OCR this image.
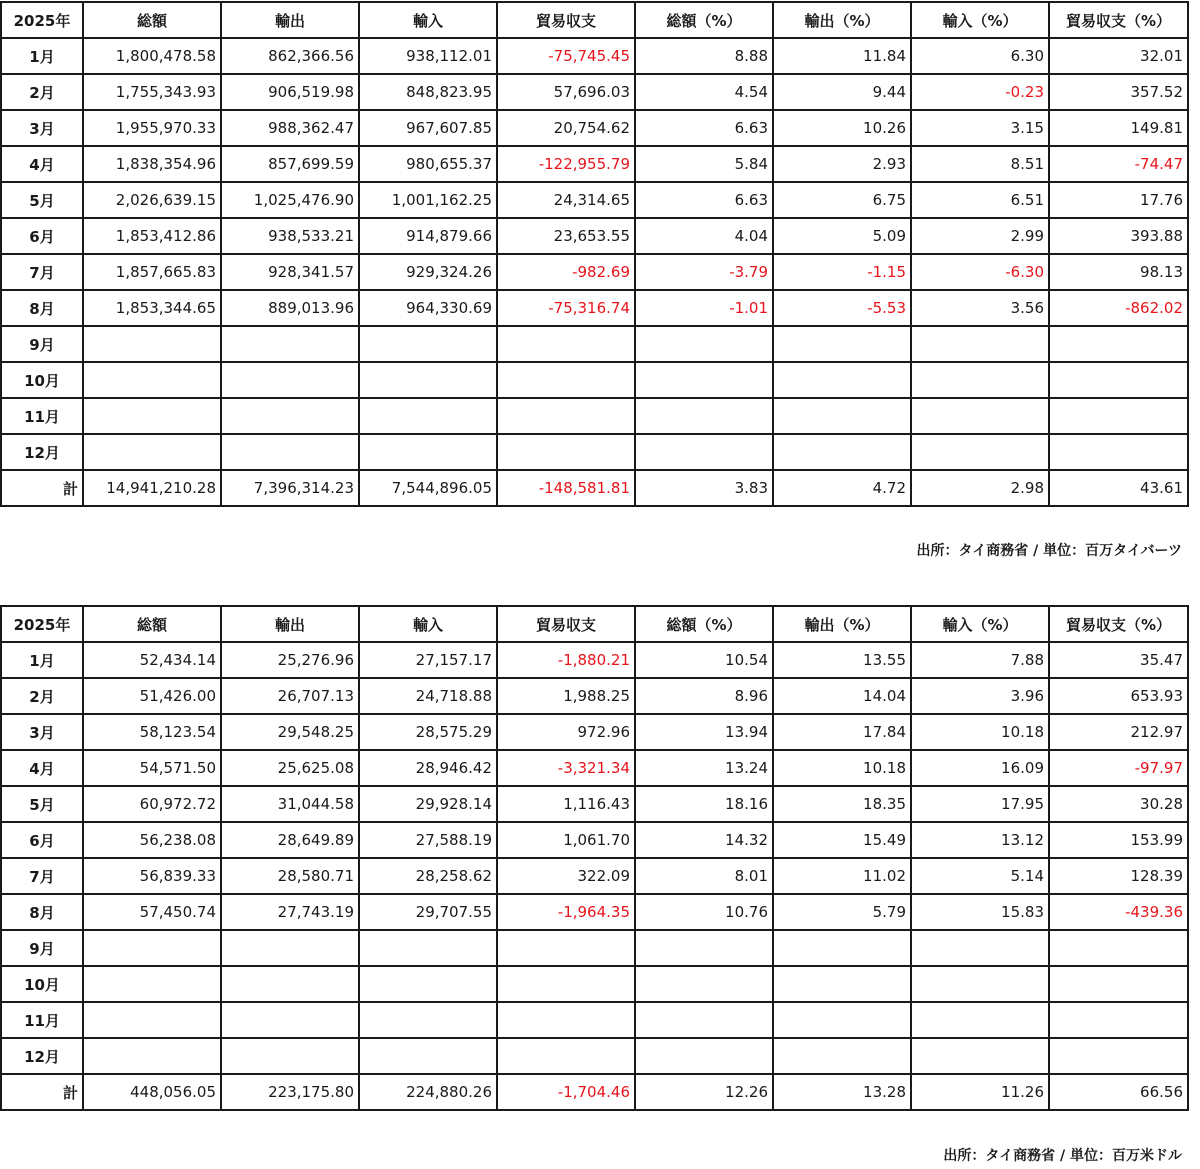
2025年	総額	輸出	輸入	貿易収支	総額（%）	輸出（%）	輸入（%）	貿易収支（%）
1月	1,800,478.58	862,366.56	938,112.01	-75,745.45	8.88	11.84	6.30	32.01
2月	1,755,343.93	906,519.98	848,823.95	57,696.03	4.54	9.44	-0.23	357.52
3月	1,955,970.33	988,362.47	967,607.85	20,754.62	6.63	10.26	3.15	149.81
4月	1,838,354.96	857,699.59	980,655.37	-122,955.79	5.84	2.93	8.51	-74.47
5月	2,026,639.15	1,025,476.90	1,001,162.25	24,314.65	6.63	6.75	6.51	17.76
6月	1,853,412.86	938,533.21	914,879.66	23,653.55	4.04	5.09	2.99	393.88
7月	1,857,665.83	928,341.57	929,324.26	-982.69	-3.79	-1.15	-6.30	98.13
8月	1,853,344.65	889,013.96	964,330.69	-75,316.74	-1.01	-5.53	3.56	-862.02
9月								
10月								
11月								
12月								
計	14,941,210.28	7,396,314.23	7,544,896.05	-148,581.81	3.83	4.72	2.98	43.61
出所：タイ商務省 / 単位：百万タイバーツ
2025年	総額	輸出	輸入	貿易収支	総額（%）	輸出（%）	輸入（%）	貿易収支（%）
1月	52,434.14	25,276.96	27,157.17	-1,880.21	10.54	13.55	7.88	35.47
2月	51,426.00	26,707.13	24,718.88	1,988.25	8.96	14.04	3.96	653.93
3月	58,123.54	29,548.25	28,575.29	972.96	13.94	17.84	10.18	212.97
4月	54,571.50	25,625.08	28,946.42	-3,321.34	13.24	10.18	16.09	-97.97
5月	60,972.72	31,044.58	29,928.14	1,116.43	18.16	18.35	17.95	30.28
6月	56,238.08	28,649.89	27,588.19	1,061.70	14.32	15.49	13.12	153.99
7月	56,839.33	28,580.71	28,258.62	322.09	8.01	11.02	5.14	128.39
8月	57,450.74	27,743.19	29,707.55	-1,964.35	10.76	5.79	15.83	-439.36
9月								
10月								
11月								
12月								
計	448,056.05	223,175.80	224,880.26	-1,704.46	12.26	13.28	11.26	66.56
出所：タイ商務省 / 単位：百万米ドル
